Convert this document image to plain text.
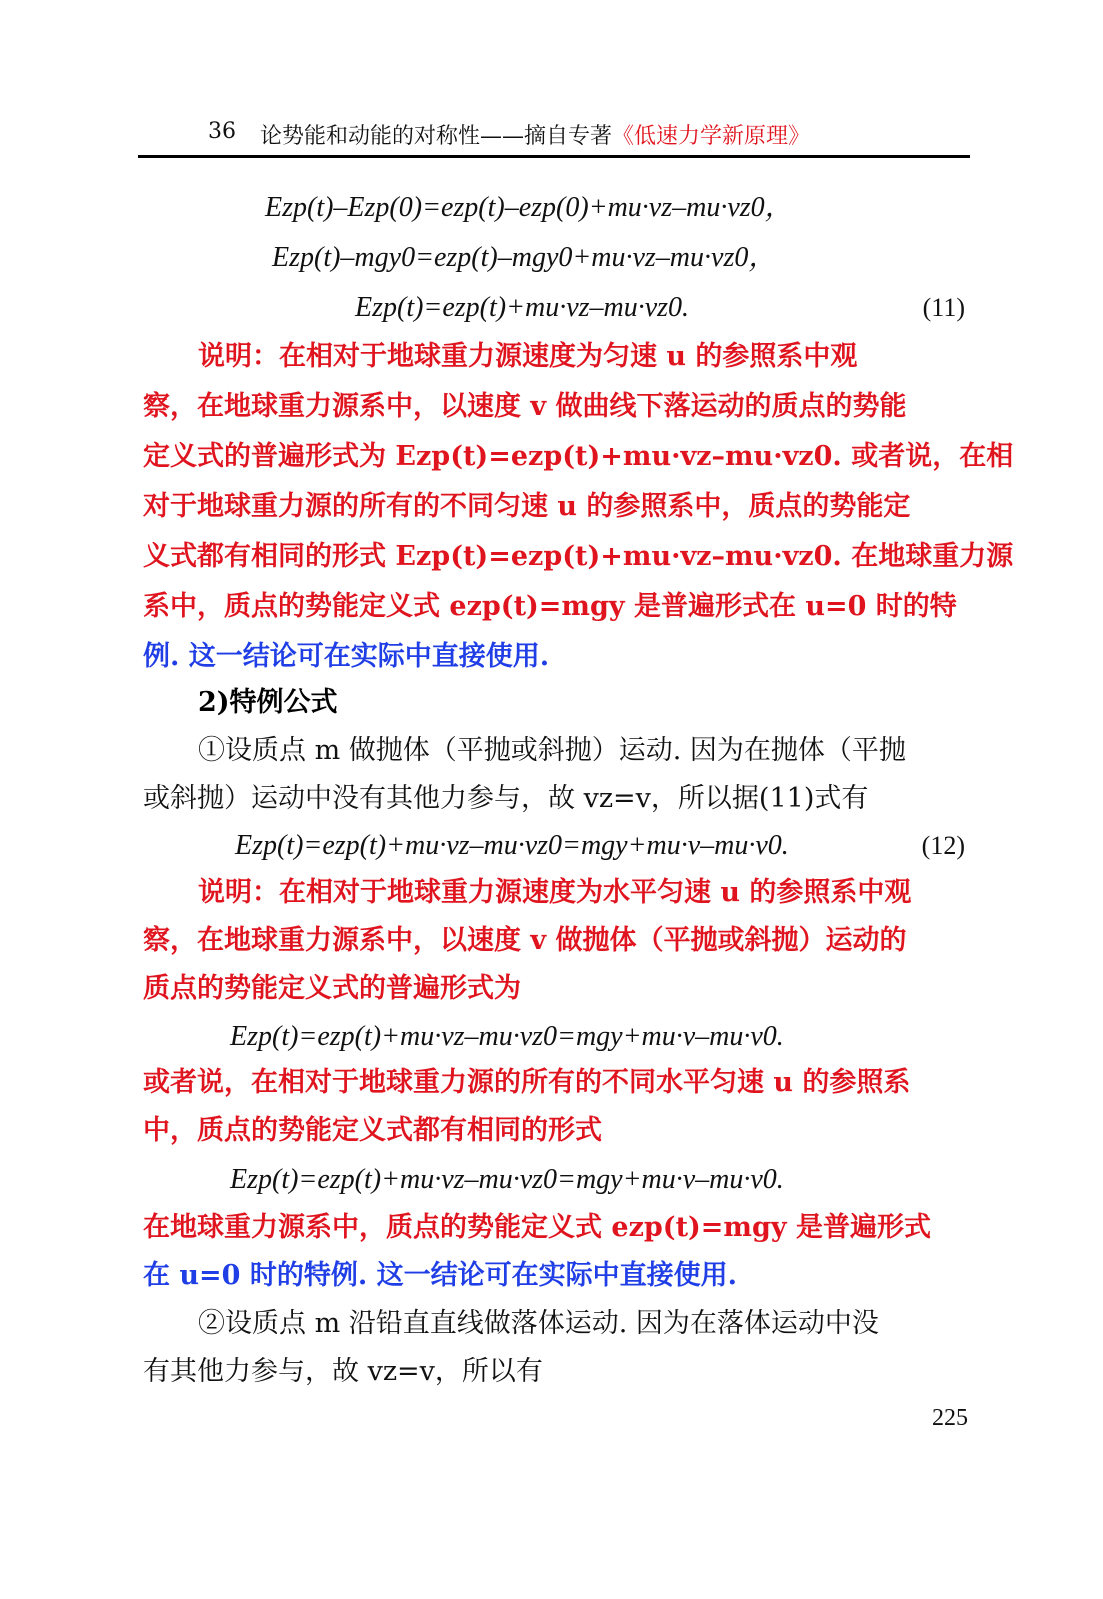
36 论势能和动能的对称性——摘自专著《低速力学新原理》
Ezp(t)–Ezp(0)=ezp(t)–ezp(0)+mu·vz–mu·vz0，
Ezp(t)–mgy0=ezp(t)–mgy0+mu·vz–mu·vz0，
Ezp(t)=ezp(t)+mu·vz–mu·vz0.	(11)
说明：在相对于地球重力源速度为匀速 u 的参照系中观
察，在地球重力源系中，以速度 v 做曲线下落运动的质点的势能
定义式的普遍形式为 Ezp(t)=ezp(t)+mu·vz–mu·vz0. 或者说，在相
对于地球重力源的所有的不同匀速 u 的参照系中，质点的势能定
义式都有相同的形式 Ezp(t)=ezp(t)+mu·vz–mu·vz0. 在地球重力源
系中，质点的势能定义式 ezp(t)=mgy 是普遍形式在 u=0 时的特
例. 这一结论可在实际中直接使用.
2)特例公式
①设质点 m 做抛体（平抛或斜抛）运动. 因为在抛体（平抛
或斜抛）运动中没有其他力参与，故 vz=v，所以据(11)式有
Ezp(t)=ezp(t)+mu·vz–mu·vz0=mgy+mu·v–mu·v0.	(12)
说明：在相对于地球重力源速度为水平匀速 u 的参照系中观
察，在地球重力源系中，以速度 v 做抛体（平抛或斜抛）运动的
质点的势能定义式的普遍形式为
Ezp(t)=ezp(t)+mu·vz–mu·vz0=mgy+mu·v–mu·v0.
或者说，在相对于地球重力源的所有的不同水平匀速 u 的参照系
中，质点的势能定义式都有相同的形式
Ezp(t)=ezp(t)+mu·vz–mu·vz0=mgy+mu·v–mu·v0.
在地球重力源系中，质点的势能定义式 ezp(t)=mgy 是普遍形式
在 u=0 时的特例. 这一结论可在实际中直接使用.
②设质点 m 沿铅直直线做落体运动. 因为在落体运动中没
有其他力参与，故 vz=v，所以有
225
